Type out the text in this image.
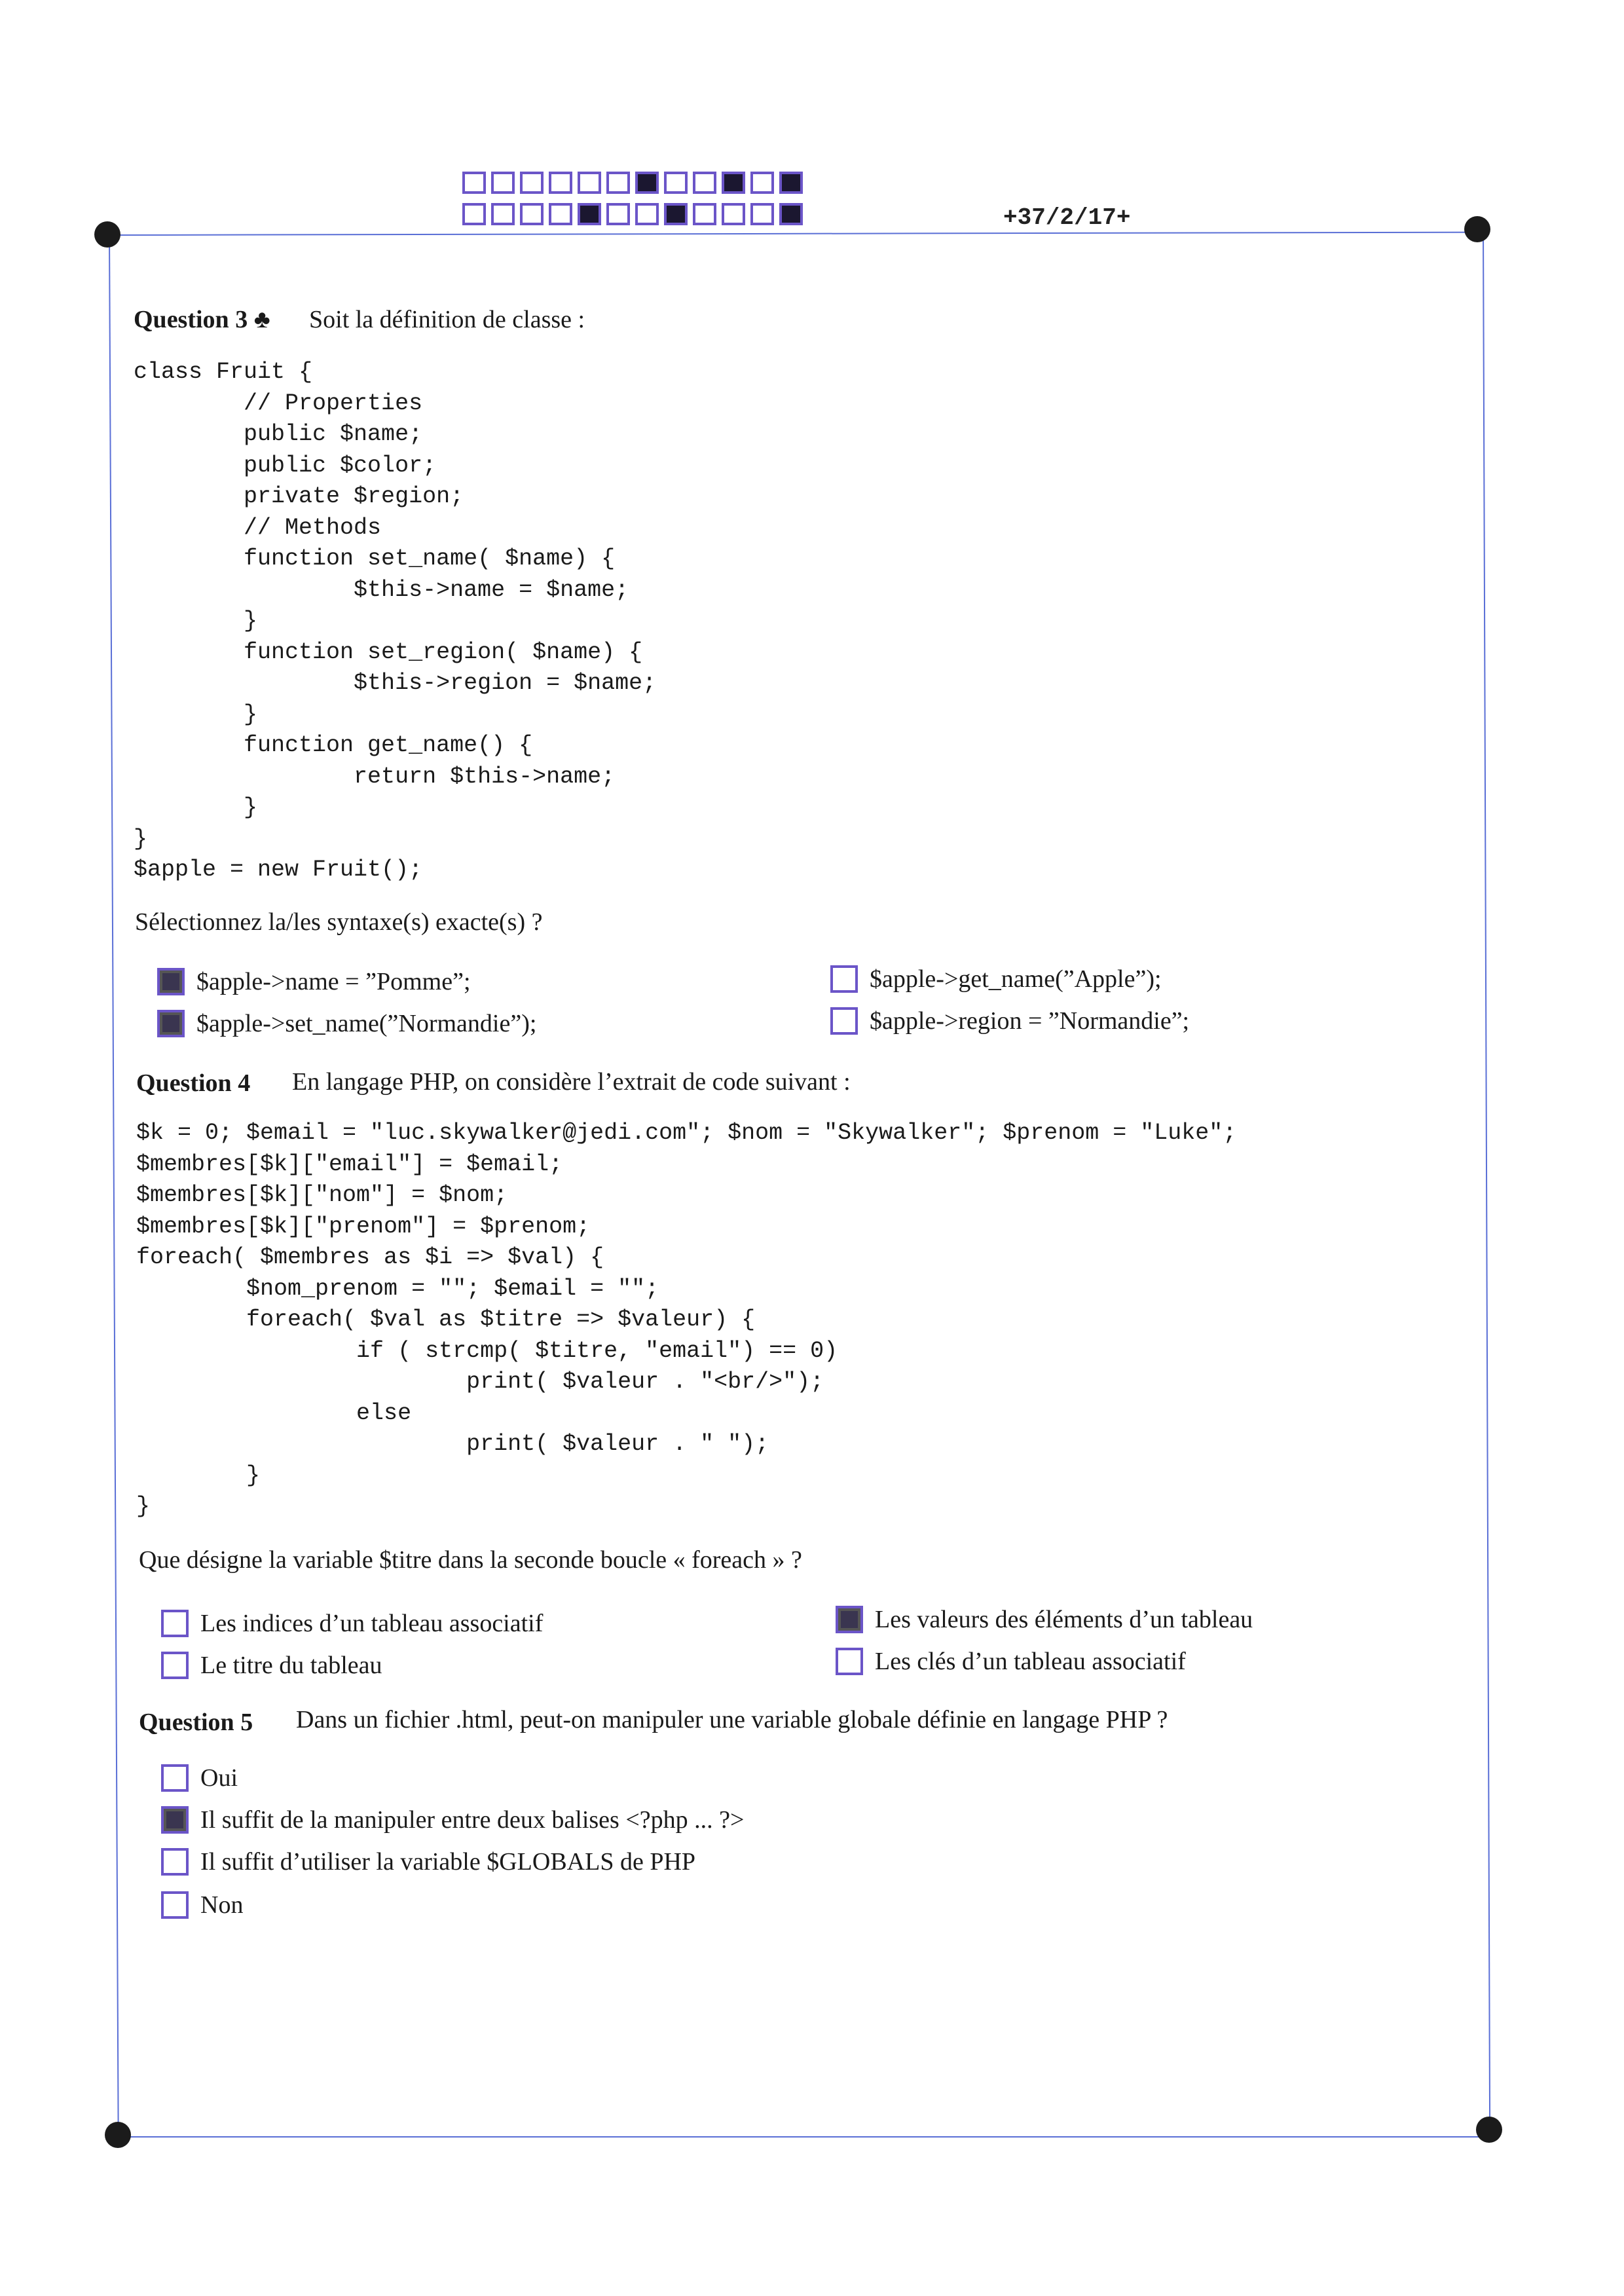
+37/2/17+
Question 3 ♣ Soit la définition de classe :
class Fruit {
// Properties
public $name;
public $color;
private $region;
// Methods
function set_name( $name) {
$this->name = $name;
}
function set_region( $name) {
$this->region = $name;
}
function get_name() {
return $this->name;
}
}
$apple = new Fruit();
Sélectionnez la/les syntaxe(s) exacte(s) ?
$apple->name = ”Pomme”;
$apple->set_name(”Normandie”);
$apple->get_name(”Apple”);
$apple->region = ”Normandie”;
Question 4 En langage PHP, on considère l’extrait de code suivant :
$k = 0; $email = "luc.skywalker@jedi.com"; $nom = "Skywalker"; $prenom = "Luke";
$membres[$k]["email"] = $email;
$membres[$k]["nom"] = $nom;
$membres[$k]["prenom"] = $prenom;
foreach( $membres as $i => $val) {
$nom_prenom = ""; $email = "";
foreach( $val as $titre => $valeur) {
if ( strcmp( $titre, "email") == 0)
print( $valeur . "<br/>");
else
print( $valeur . " ");
}
}
Que désigne la variable $titre dans la seconde boucle « foreach » ?
Les indices d’un tableau associatif
Le titre du tableau
Les valeurs des éléments d’un tableau
Les clés d’un tableau associatif
Question 5 Dans un fichier .html, peut-on manipuler une variable globale définie en langage PHP ?
Oui
Il suffit de la manipuler entre deux balises <?php ... ?>
Il suffit d’utiliser la variable $GLOBALS de PHP
Non
